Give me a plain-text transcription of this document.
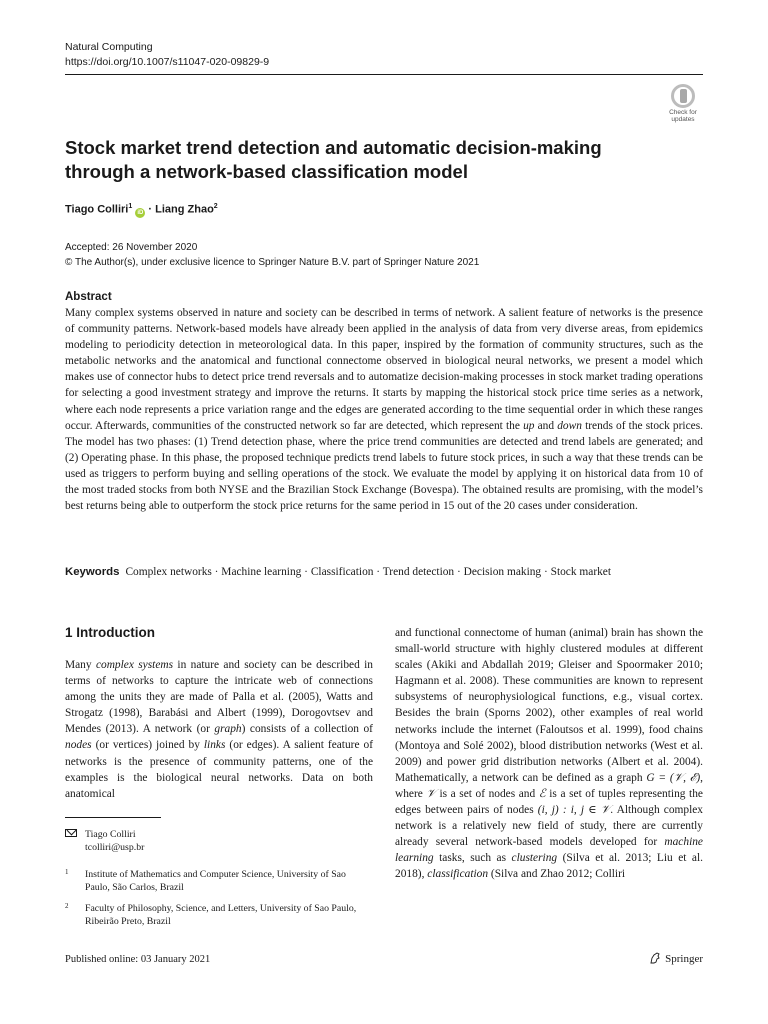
Natural Computing
https://doi.org/10.1007/s11047-020-09829-9
Check for
updates
Stock market trend detection and automatic decision-making through a network-based classification model
Tiago Colliri$^1$ iD · Liang Zhao$^2$
Accepted: 26 November 2020
© The Author(s), under exclusive licence to Springer Nature B.V. part of Springer Nature 2021
Abstract
Many complex systems observed in nature and society can be described in terms of network. A salient feature of networks is the presence of community patterns. Network-based models have already been applied in the analysis of data from very diverse areas, from epidemics modeling to periodicity detection in meteorological data. In this paper, inspired by the formation of community structures, such as the metabolic networks and the anatomical and functional connectome observed in biological neural networks, we present a model which makes use of connector hubs to detect price trend reversals and to automatize decision-making processes in stock market trading operations for selecting a good investment strategy and improve the returns. It starts by mapping the historical stock price time series as a network, where each node represents a price variation range and the edges are generated according to the time sequential order in which these ranges occur. Afterwards, communities of the constructed network so far are detected, which represent the up and down trends of the stock prices. The model has two phases: (1) Trend detection phase, where the price trend communities are detected and trend labels are generated; and (2) Operating phase. In this phase, the proposed technique predicts trend labels to future stock prices, in such a way that these trends can be used as triggers to perform buying and selling operations of the stock. We evaluate the model by applying it on historical data from 10 of the most traded stocks from both NYSE and the Brazilian Stock Exchange (Bovespa). The obtained results are promising, with the model’s best returns being able to outperform the stock price returns for the same period in 15 out of the 20 cases under consideration.
Keywords Complex networks · Machine learning · Classification · Trend detection · Decision making · Stock market
1 Introduction
Many complex systems in nature and society can be described in terms of networks to capture the intricate web of connections among the units they are made of Palla et al. (2005), Watts and Strogatz (1998), Barabási and Albert (1999), Dorogovtsev and Mendes (2013). A network (or graph) consists of a collection of nodes (or vertices) joined by links (or edges). A salient feature of networks is the presence of community patterns, one of the examples is the biological neural networks. Data on both anatomical
and functional connectome of human (animal) brain has shown the small-world structure with highly clustered modules at different scales (Akiki and Abdallah 2019; Gleiser and Spoormaker 2010; Hagmann et al. 2008). These communities are known to represent subsystems of neurophysiological functions, e.g., visual cortex. Besides the brain (Sporns 2002), other examples of real world networks include the internet (Faloutsos et al. 1999), food chains (Montoya and Solé 2002), blood distribution networks (West et al. 2009) and power grid distribution networks (Albert et al. 2004). Mathematically, a network can be defined as a graph G = (𝒱, ℰ), where 𝒱 is a set of nodes and ℰ is a set of tuples representing the edges between pairs of nodes (i, j) : i, j ∈ 𝒱. Although complex network is a relatively new field of study, there are currently already several network-based models developed for machine learning tasks, such as clustering (Silva et al. 2013; Liu et al. 2018), classification (Silva and Zhao 2012; Colliri
Tiago Colliri
tcolliri@usp.br
1 Institute of Mathematics and Computer Science, University of Sao Paulo, São Carlos, Brazil
2 Faculty of Philosophy, Science, and Letters, University of Sao Paulo, Ribeirão Preto, Brazil
Published online: 03 January 2021	Springer
